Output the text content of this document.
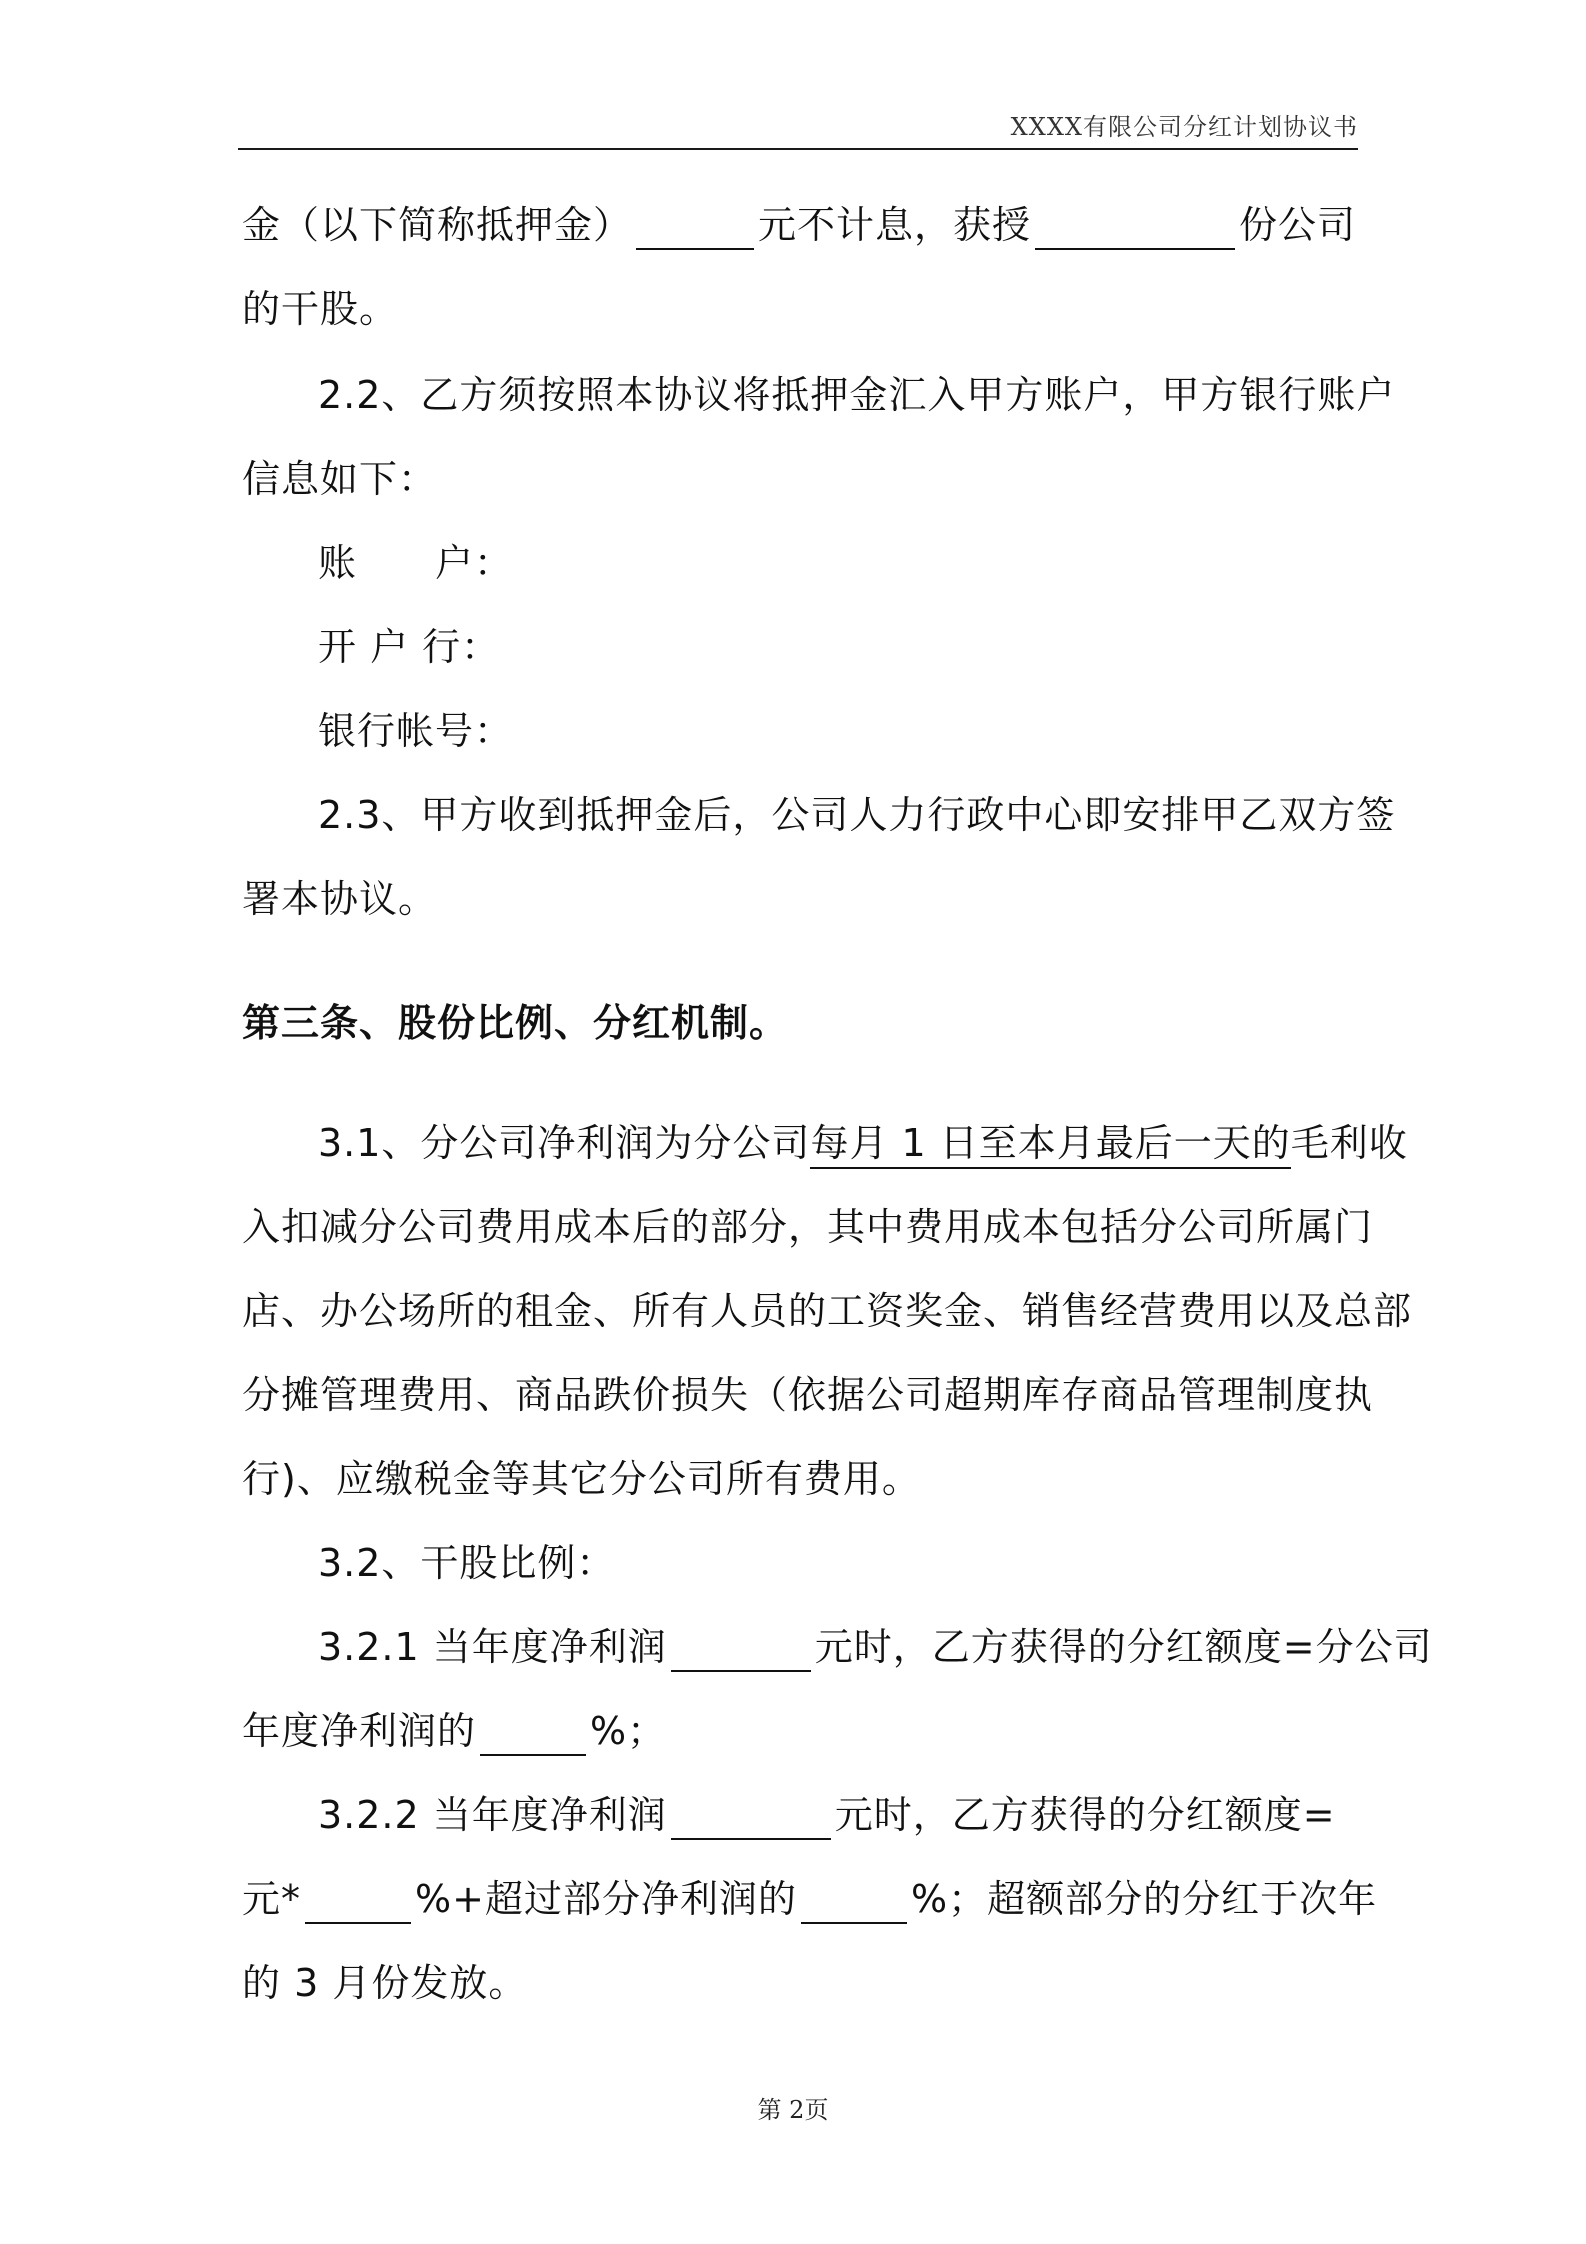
XXXX有限公司分红计划协议书
金（以下简称抵押金）	元不计息，获授	份公司
的干股。
2.2、乙方须按照本协议将抵押金汇入甲方账户，甲方银行账户
信息如下：
账　　户：
开 户 行：
银行帐号：
2.3、甲方收到抵押金后，公司人力行政中心即安排甲乙双方签
署本协议。
第三条、股份比例、分红机制。
3.1、分公司净利润为分公司每月 1 日至本月最后一天的毛利收
入扣减分公司费用成本后的部分，其中费用成本包括分公司所属门
店、办公场所的租金、所有人员的工资奖金、销售经营费用以及总部
分摊管理费用、商品跌价损失（依据公司超期库存商品管理制度执
行)、应缴税金等其它分公司所有费用。
3.2、干股比例：
3.2.1 当年度净利润	元时，乙方获得的分红额度=分公司
年度净利润的	%；
3.2.2 当年度净利润	元时，乙方获得的分红额度=
元*	%+超过部分净利润的	%；超额部分的分红于次年
的 3 月份发放。
第 2页
